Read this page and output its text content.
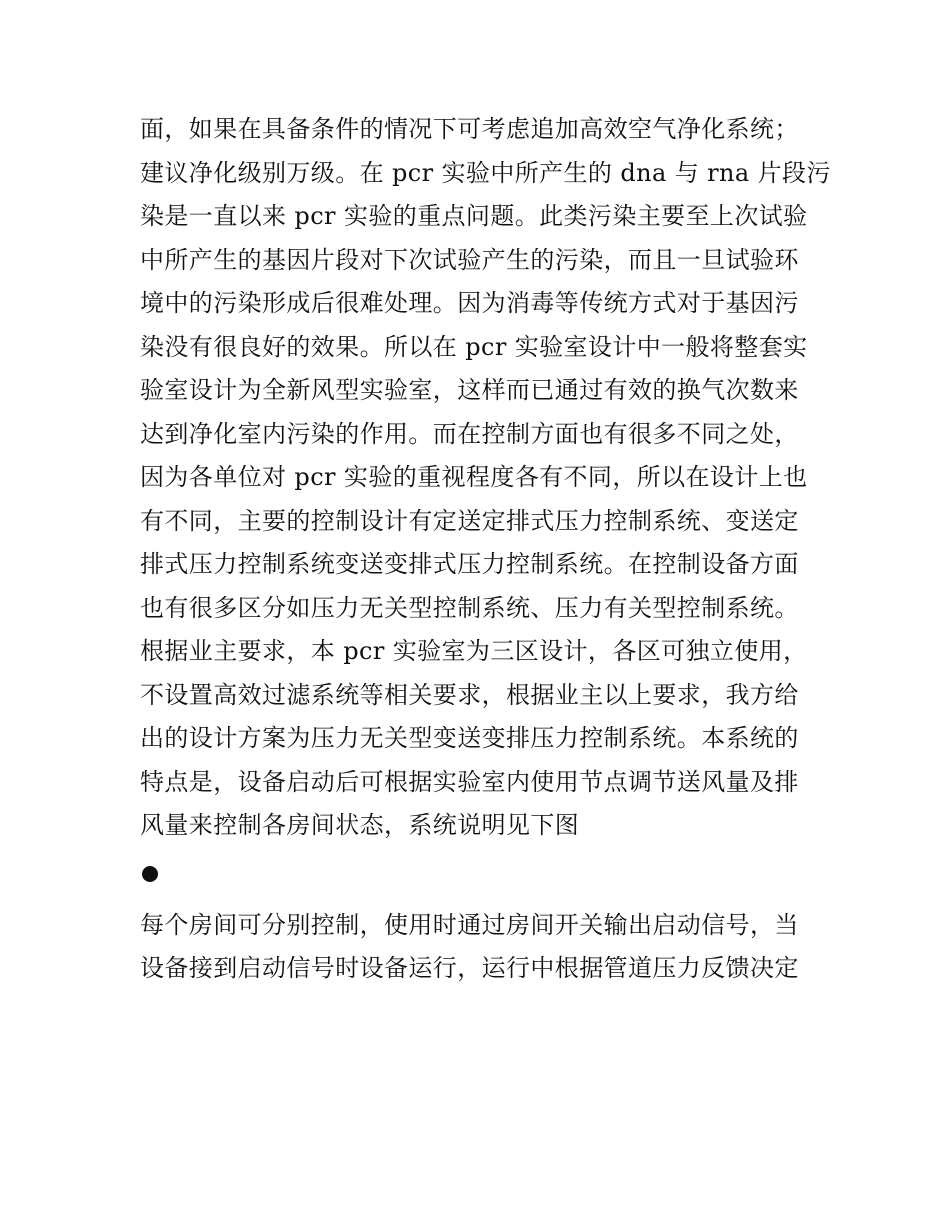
面，如果在具备条件的情况下可考虑追加高效空气净化系统；
建议净化级别万级。在 pcr 实验中所产生的 dna 与 rna 片段污
染是一直以来 pcr 实验的重点问题。此类污染主要至上次试验
中所产生的基因片段对下次试验产生的污染，而且一旦试验环
境中的污染形成后很难处理。因为消毒等传统方式对于基因污
染没有很良好的效果。所以在 pcr 实验室设计中一般将整套实
验室设计为全新风型实验室，这样而已通过有效的换气次数来
达到净化室内污染的作用。而在控制方面也有很多不同之处，
因为各单位对 pcr 实验的重视程度各有不同，所以在设计上也
有不同，主要的控制设计有定送定排式压力控制系统、变送定
排式压力控制系统变送变排式压力控制系统。在控制设备方面
也有很多区分如压力无关型控制系统、压力有关型控制系统。
根据业主要求，本 pcr 实验室为三区设计，各区可独立使用，
不设置高效过滤系统等相关要求，根据业主以上要求，我方给
出的设计方案为压力无关型变送变排压力控制系统。本系统的
特点是，设备启动后可根据实验室内使用节点调节送风量及排
风量来控制各房间状态，系统说明见下图
每个房间可分别控制，使用时通过房间开关输出启动信号，当
设备接到启动信号时设备运行，运行中根据管道压力反馈决定
